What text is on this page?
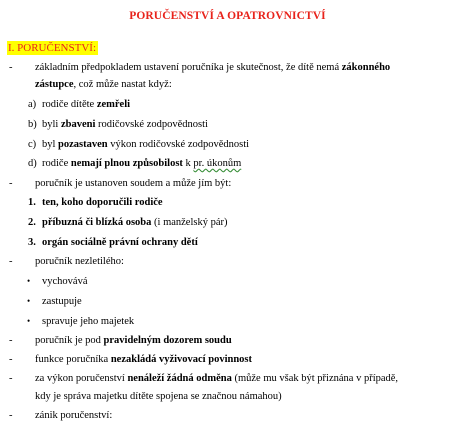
PORUČENSTVÍ A OPATROVNICTVÍ
I. PORUČENSTVÍ:
- základním předpokladem ustavení poručníka je skutečnost, že dítě nemá zákonného
zástupce, což může nastat když:
a) rodiče dítěte zemřeli
b) byli zbaveni rodičovské zodpovědnosti
c) byl pozastaven výkon rodičovské zodpovědnosti
d) rodiče nemají plnou způsobilost k pr. úkonům
- poručník je ustanoven soudem a může jím být:
1. ten, koho doporučili rodiče
2. příbuzná či blízká osoba (i manželský pár)
3. orgán sociálně právní ochrany dětí
- poručník nezletilého:
• vychovává
• zastupuje
• spravuje jeho majetek
- poručník je pod pravidelným dozorem soudu
- funkce poručníka nezakládá vyživovací povinnost
- za výkon poručenství nenáleží žádná odměna (může mu však být přiznána v případě,
kdy je správa majetku dítěte spojena se značnou námahou)
- zánik poručenství:
